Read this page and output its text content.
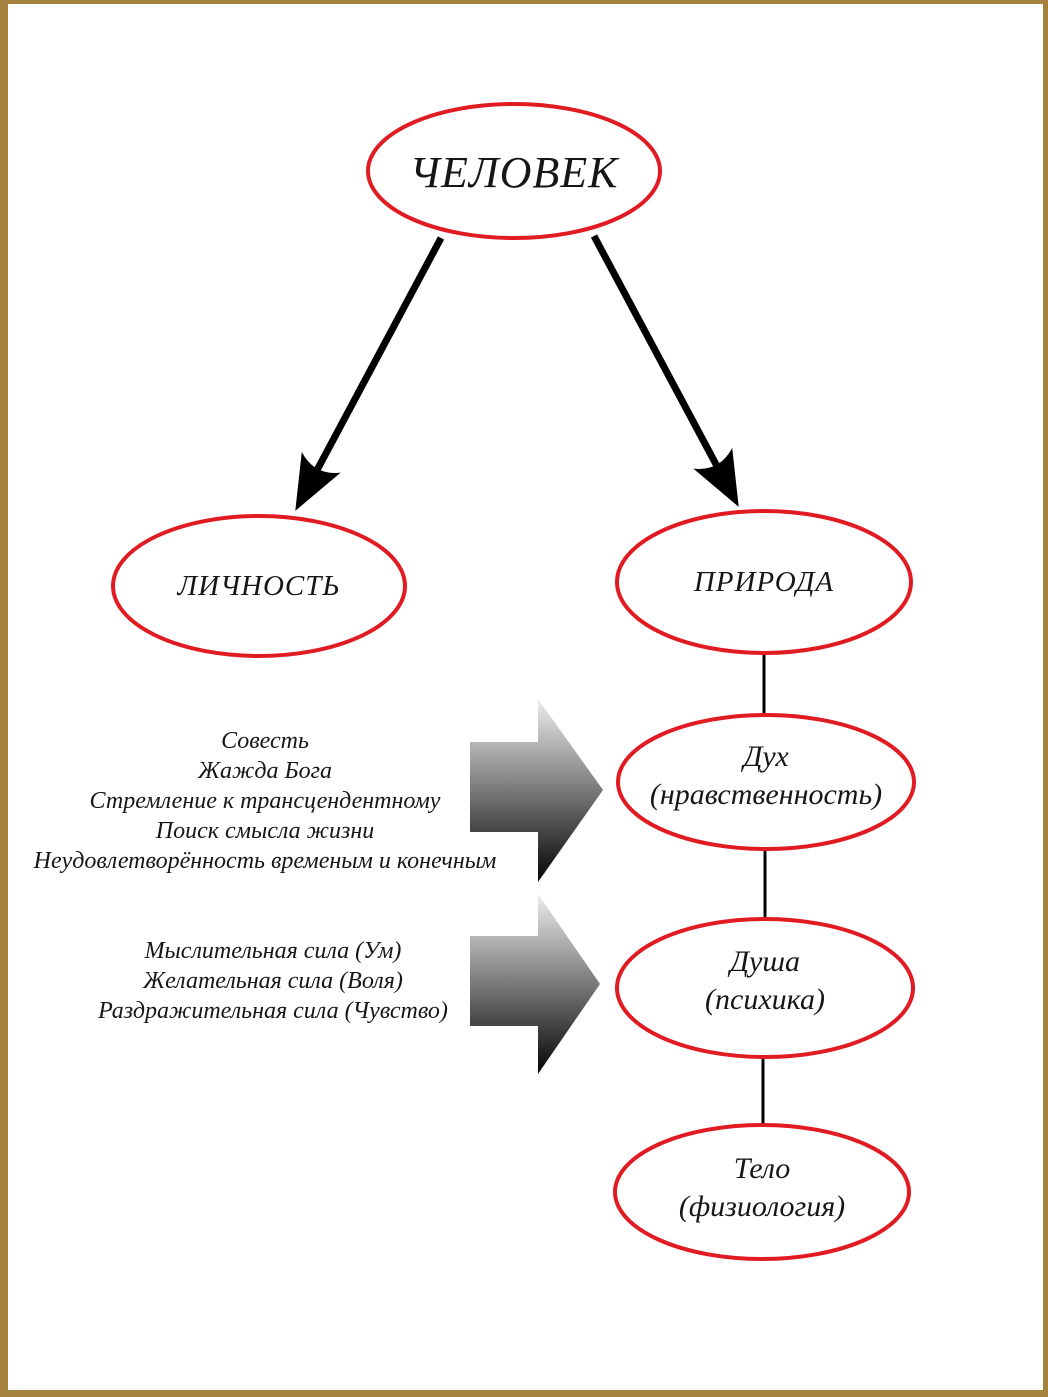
ЧЕЛОВЕК
ЛИЧНОСТЬ	ПРИРОДА
Дух
(нравственность)
Душа
(психика)
Тело
(физиология)
Совесть
Жажда Бога
Стремление к трансцендентному
Поиск смысла жизни
Неудовлетворённость временым и конечным
Мыслительная сила (Ум)
Желательная сила (Воля)
Раздражительная сила (Чувство)
